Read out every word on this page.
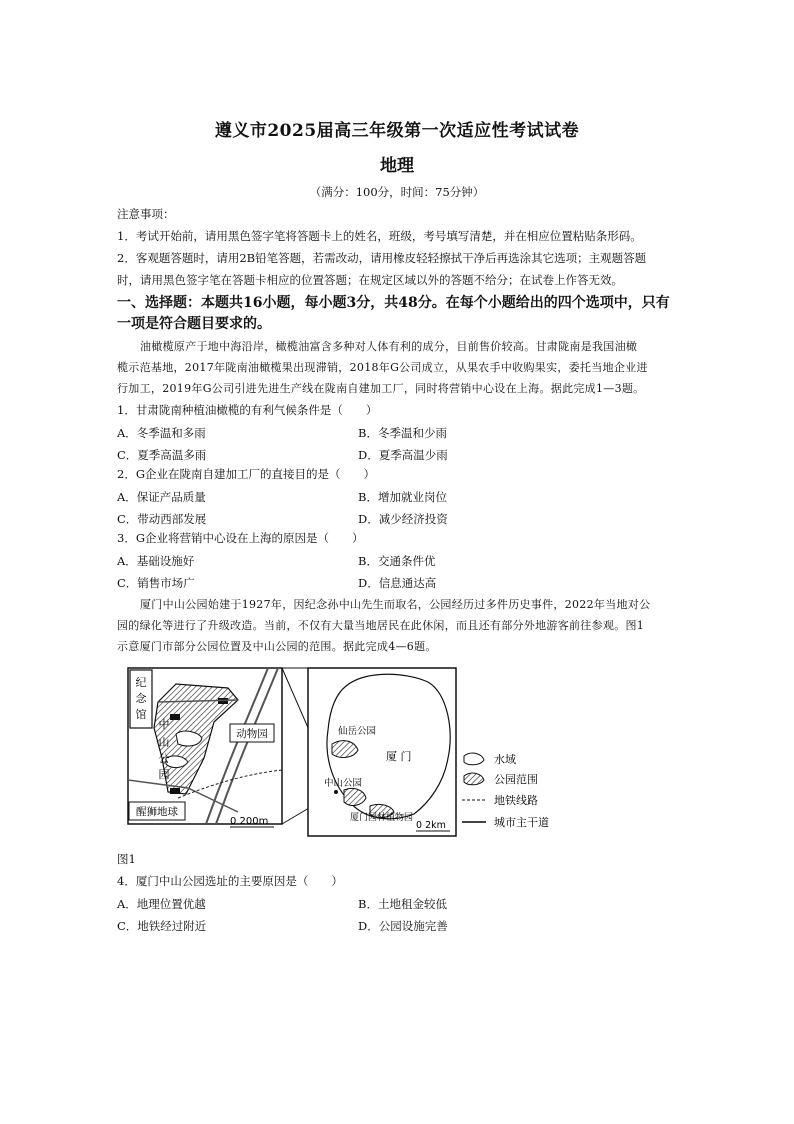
遵义市2025届高三年级第一次适应性考试试卷
地理
（满分：100分，时间：75分钟）
注意事项：
1．考试开始前，请用黑色签字笔将答题卡上的姓名，班级，考号填写清楚，并在相应位置粘贴条形码。
2．客观题答题时，请用2B铅笔答题，若需改动，请用橡皮轻轻擦拭干净后再选涂其它选项；主观题答题
时，请用黑色签字笔在答题卡相应的位置答题；在规定区域以外的答题不给分；在试卷上作答无效。
一、选择题：本题共16小题，每小题3分，共48分。在每个小题给出的四个选项中，只有
一项是符合题目要求的。
油橄榄原产于地中海沿岸，橄榄油富含多种对人体有利的成分，目前售价较高。甘肃陇南是我国油橄
榄示范基地，2017年陇南油橄榄果出现滞销，2018年G公司成立，从果农手中收购果实，委托当地企业进
行加工，2019年G公司引进先进生产线在陇南自建加工厂，同时将营销中心设在上海。据此完成1—3题。
1．甘肃陇南种植油橄榄的有利气候条件是（　　）
A．冬季温和多雨	B．冬季温和少雨
C．夏季高温多雨	D．夏季高温少雨
2．G企业在陇南自建加工厂的直接目的是（　　）
A．保证产品质量	B．增加就业岗位
C．带动西部发展	D．减少经济投资
3．G企业将营销中心设在上海的原因是（　　）
A．基础设施好	B．交通条件优
C．销售市场广	D．信息通达高
厦门中山公园始建于1927年，因纪念孙中山先生而取名，公园经历过多件历史事件，2022年当地对公
园的绿化等进行了升级改造。当前，不仅有大量当地居民在此休闲，而且还有部分外地游客前往参观。图1
示意厦门市部分公园位置及中山公园的范围。据此完成4—6题。
纪
念
馆
中
山
公
园
动物园
醒狮地球
0 200m
仙岳公园
厦 门
中山公园
厦门园林植物园
0 2km
水域
公园范围
地铁线路
城市主干道
图1
4．厦门中山公园选址的主要原因是（　　）
A．地理位置优越	B．土地租金较低
C．地铁经过附近	D．公园设施完善
